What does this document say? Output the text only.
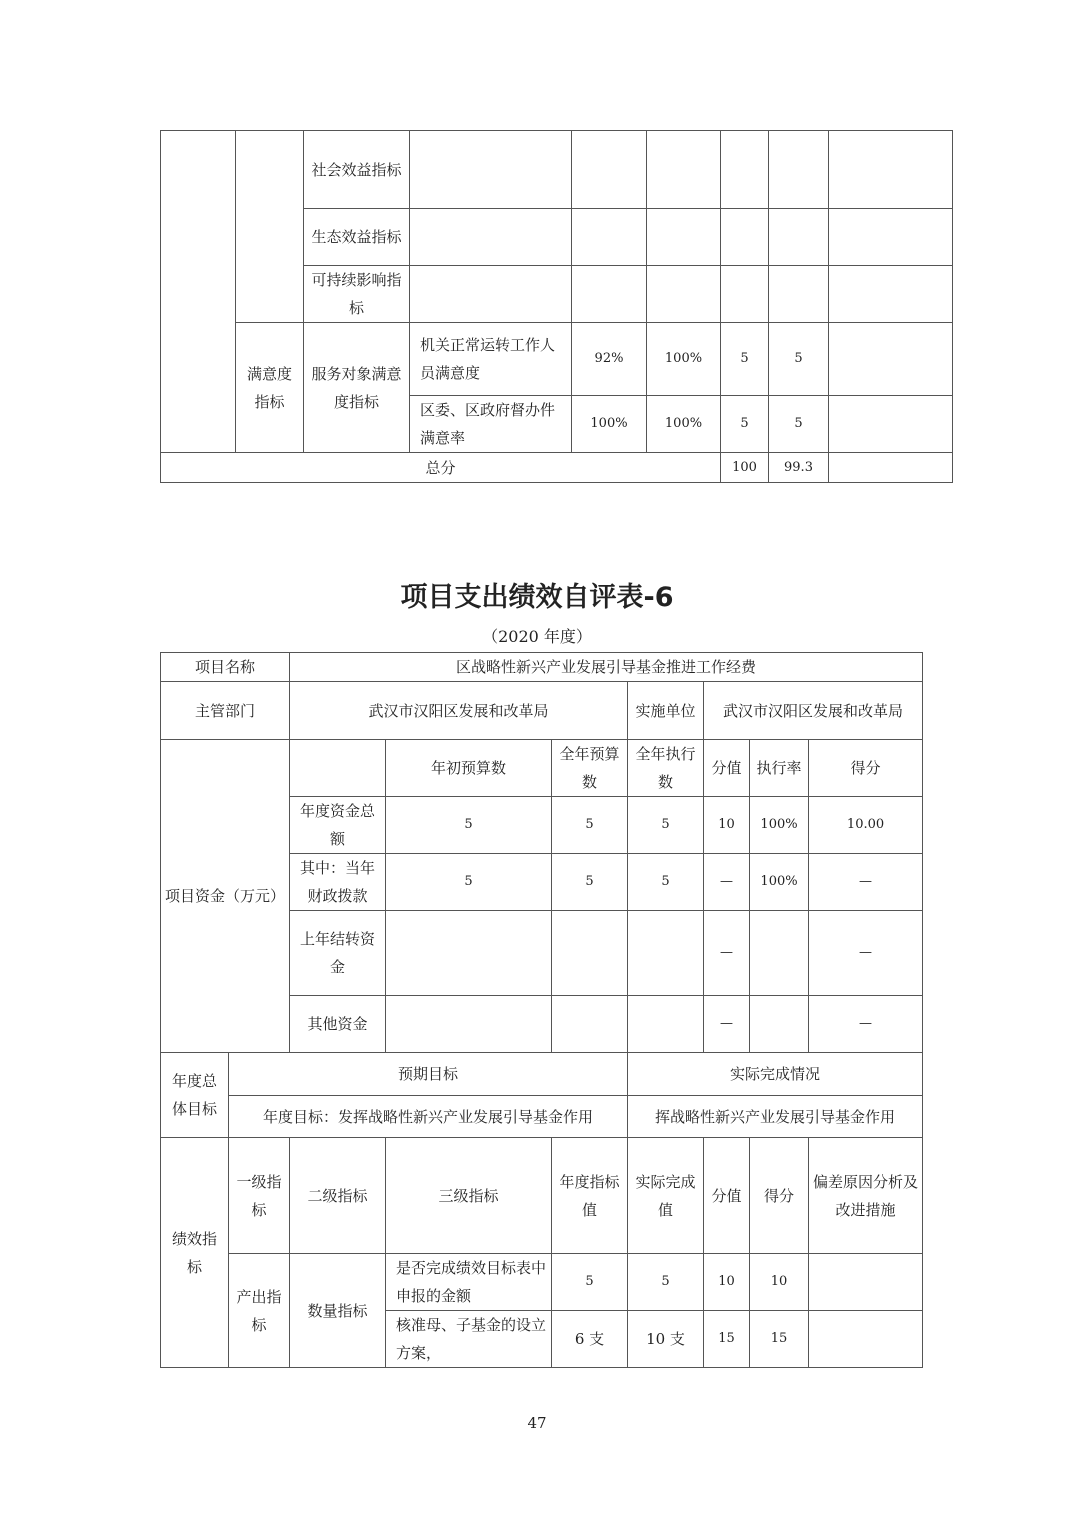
		社会效益指标						
		生态效益指标						
		可持续影响指标						
	满意度指标	服务对象满意度指标	机关正常运转工作人员满意度	92%	100%	5	5	
			区委、区政府督办件满意率	100%	100%	5	5	
总分						100	99.3	
项目支出绩效自评表-6
（2020 年度）
项目名称		区战略性新兴产业发展引导基金推进工作经费						
主管部门		武汉市汉阳区发展和改革局			实施单位	武汉市汉阳区发展和改革局		
项目资金（万元）			年初预算数	全年预算数	全年执行数	分值	执行率	得分
		年度资金总额	5	5	5	10	100%	10.00
		其中：当年财政拨款	5	5	5	—	100%	—
		上年结转资金				—		—
		其他资金				—		—
年度总体目标	预期目标				实际完成情况			
	年度目标：发挥战略性新兴产业发展引导基金作用				挥战略性新兴产业发展引导基金作用			
绩效指标	一级指标	二级指标	三级指标	年度指标值	实际完成值	分值	得分	偏差原因分析及改进措施
	产出指标	数量指标	是否完成绩效目标表中申报的金额	5	5	10	10	
			核准母、子基金的设立方案，	6 支	10 支	15	15	
47
